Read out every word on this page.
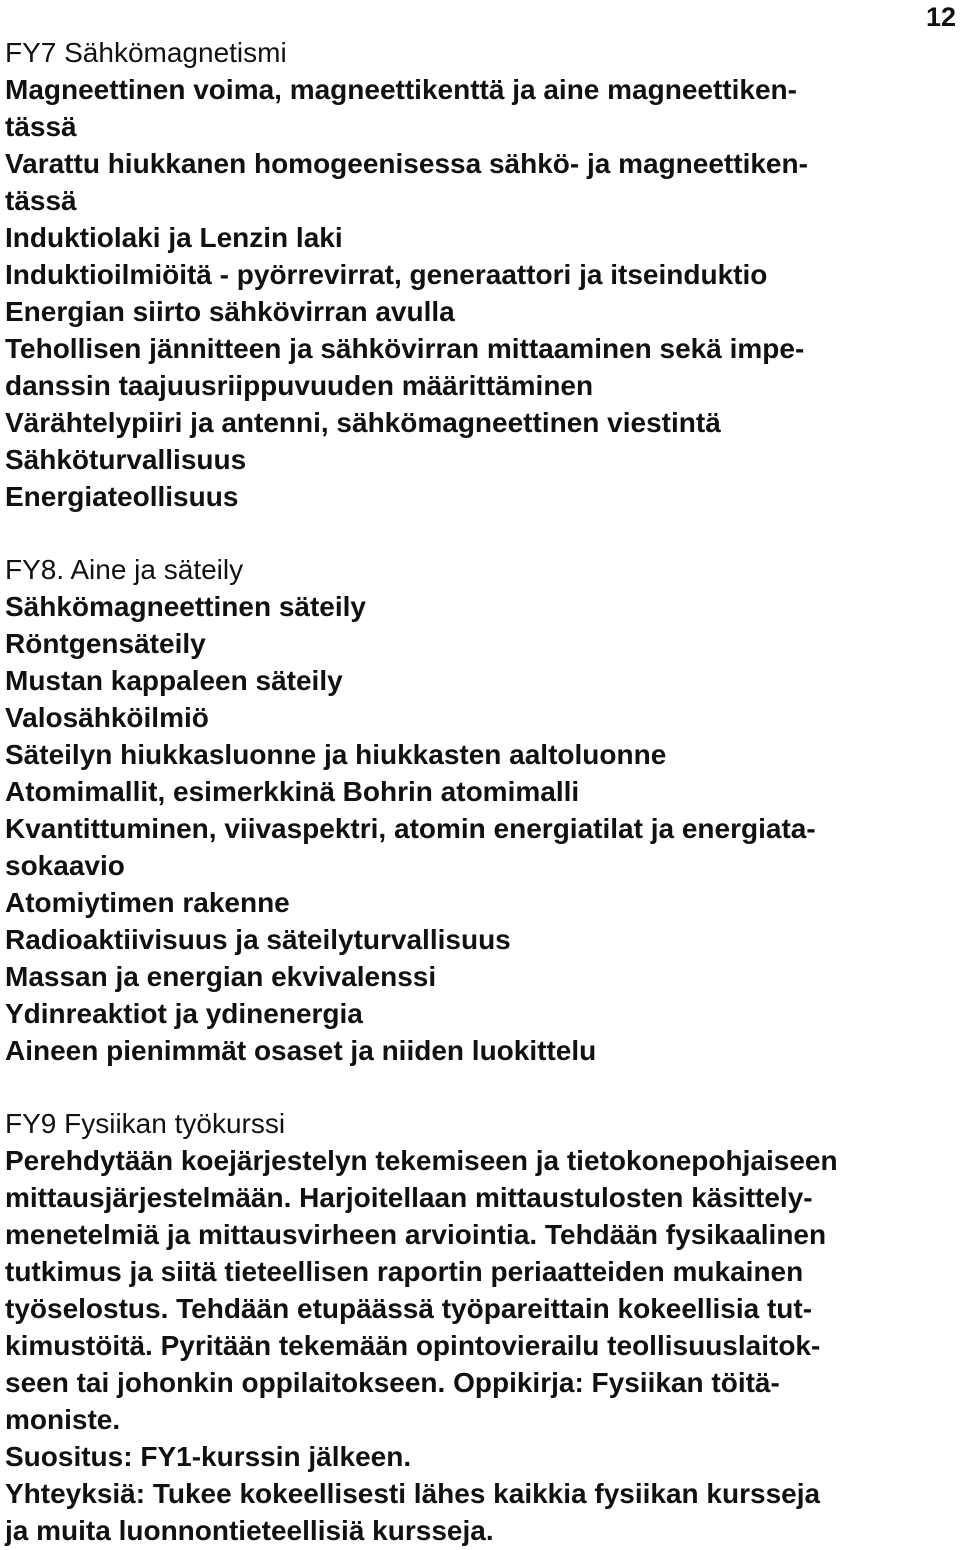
12
FY7 Sähkömagnetismi

Magneettinen voima, magneettikenttä ja aine magneettiken-
tässä

Varattu hiukkanen homogeenisessa sähkö- ja magneettiken-
tässä

Induktiolaki ja Lenzin laki

Induktioilmiöitä - pyörrevirrat, generaattori ja itseinduktio

Energian siirto sähkövirran avulla

Tehollisen jännitteen ja sähkövirran mittaaminen sekä impe-
danssin taajuusriippuvuuden määrittäminen

Värähtelypiiri ja antenni, sähkömagneettinen viestintä

Sähköturvallisuus

Energiateollisuus

FY8. Aine ja säteily

Sähkömagneettinen säteily

Röntgensäteily

Mustan kappaleen säteily

Valosähköilmiö

Säteilyn hiukkasluonne ja hiukkasten aaltoluonne

Atomimallit, esimerkkinä Bohrin atomimalli

Kvantittuminen, viivaspektri, atomin energiatilat ja energiata-
sokaavio

Atomiytimen rakenne

Radioaktiivisuus ja säteilyturvallisuus

Massan ja energian ekvivalenssi

Ydinreaktiot ja ydinenergia

Aineen pienimmät osaset ja niiden luokittelu

FY9 Fysiikan työkurssi

Perehdytään koejärjestelyn tekemiseen ja tietokonepohjaiseen
mittausjärjestelmään. Harjoitellaan mittaustulosten käsittely-
menetelmiä ja mittausvirheen arviointia. Tehdään fysikaalinen
tutkimus ja siitä tieteellisen raportin periaatteiden mukainen
työselostus. Tehdään etupäässä työpareittain kokeellisia tut-
kimustöitä. Pyritään tekemään opintovierailu teollisuuslaitok-
seen tai johonkin oppilaitokseen. Oppikirja: Fysiikan töitä-
moniste.

Suositus: FY1-kurssin jälkeen.

Yhteyksiä: Tukee kokeellisesti lähes kaikkia fysiikan kursseja
ja muita luonnontieteellisiä kursseja.
